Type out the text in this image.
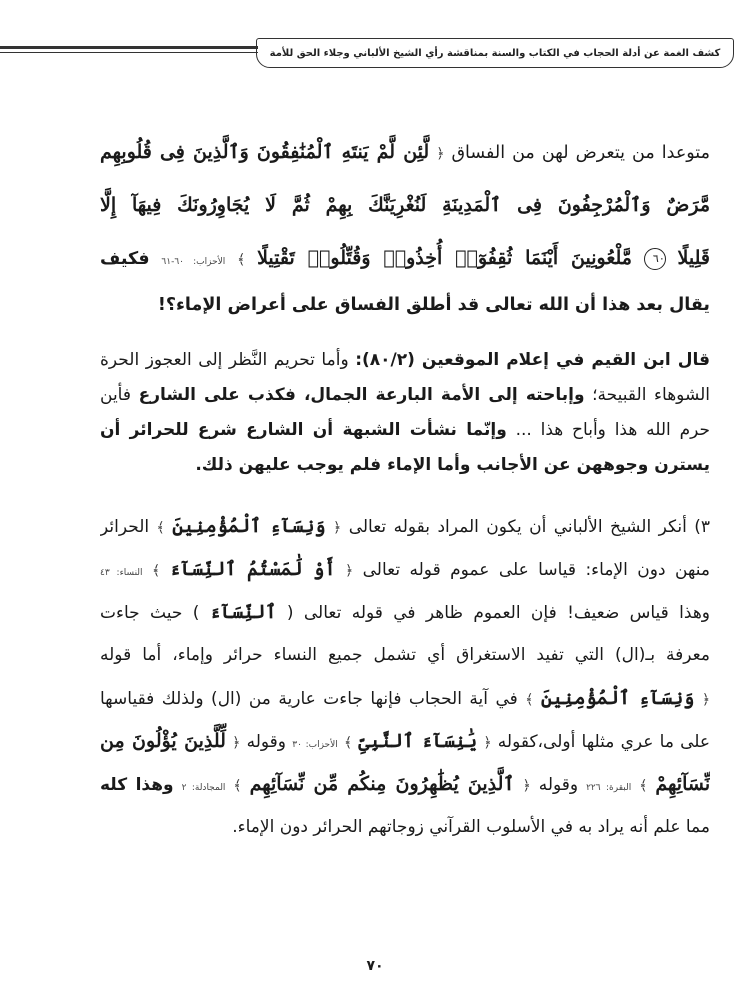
كشف الغمة عن أدلة الحجاب في الكتاب والسنة بمناقشة رأي الشيخ الألباني وجلاء الحق للأمة
متوعدا من يتعرض لهن من الفساق ﴿ لَّئِن لَّمْ يَنتَهِ ٱلْمُنَٰفِقُونَ وَٱلَّذِينَ فِى قُلُوبِهِم
مَّرَضٌ وَٱلْمُرْجِفُونَ فِى ٱلْمَدِينَةِ لَنُغْرِيَنَّكَ بِهِمْ ثُمَّ لَا يُجَاوِرُونَكَ فِيهَآ إِلَّا
قَلِيلًا ٦٠ مَّلْعُونِينَ أَيْنَمَا ثُقِفُوٓا۟ أُخِذُوا۟ وَقُتِّلُوا۟ تَقْتِيلًا ﴾ الأحزاب: ٦٠-٦١ فكيف
يقال بعد هذا أن الله تعالى قد أطلق الفساق على أعراض الإماء؟!
قال ابن القيم في إعلام الموقعين (٨٠/٢): وأما تحريم النَّظر إلى العجوز الحرة
الشوهاء القبيحة؛ وإباحته إلى الأمة البارعة الجمال، فكذب على الشارع فأين
حرم الله هذا وأباح هذا ... وإنّما نشأت الشبهة أن الشارع شرع للحرائر أن
يسترن وجوههن عن الأجانب وأما الإماء فلم يوجب عليهن ذلك.
٣) أنكر الشيخ الألباني أن يكون المراد بقوله تعالى ﴿ وَنِسَآءِ ٱلْمُؤْمِنِينَ ﴾ الحرائر
منهن دون الإماء: قياسا على عموم قوله تعالى ﴿ أَوْ لَٰمَسْتُمُ ٱلنِّسَآءَ ﴾ النساء: ٤٣
وهذا قياس ضعيف! فإن العموم ظاهر في قوله تعالى ( ٱلنِّسَآءَ ) حيث جاءت
معرفة بـ(ال) التي تفيد الاستغراق أي تشمل جميع النساء حرائر وإماء، أما قوله
﴿ وَنِسَآءِ ٱلْمُؤْمِنِينَ ﴾ في آية الحجاب فإنها جاءت عارية من (ال) ولذلك فقياسها
على ما عري مثلها أولى،كقوله ﴿ يَٰنِسَآءَ ٱلنَّبِىِّ ﴾ الأحزاب: ٣٠ وقوله ﴿ لِّلَّذِينَ يُؤْلُونَ مِن
نِّسَآئِهِمْ ﴾ البقرة: ٢٢٦ وقوله ﴿ ٱلَّذِينَ يُظَٰهِرُونَ مِنكُم مِّن نِّسَآئِهِم ﴾ المجادلة: ٢ وهذا كله
مما علم أنه يراد به في الأسلوب القرآني زوجاتهم الحرائر دون الإماء.
٧٠
